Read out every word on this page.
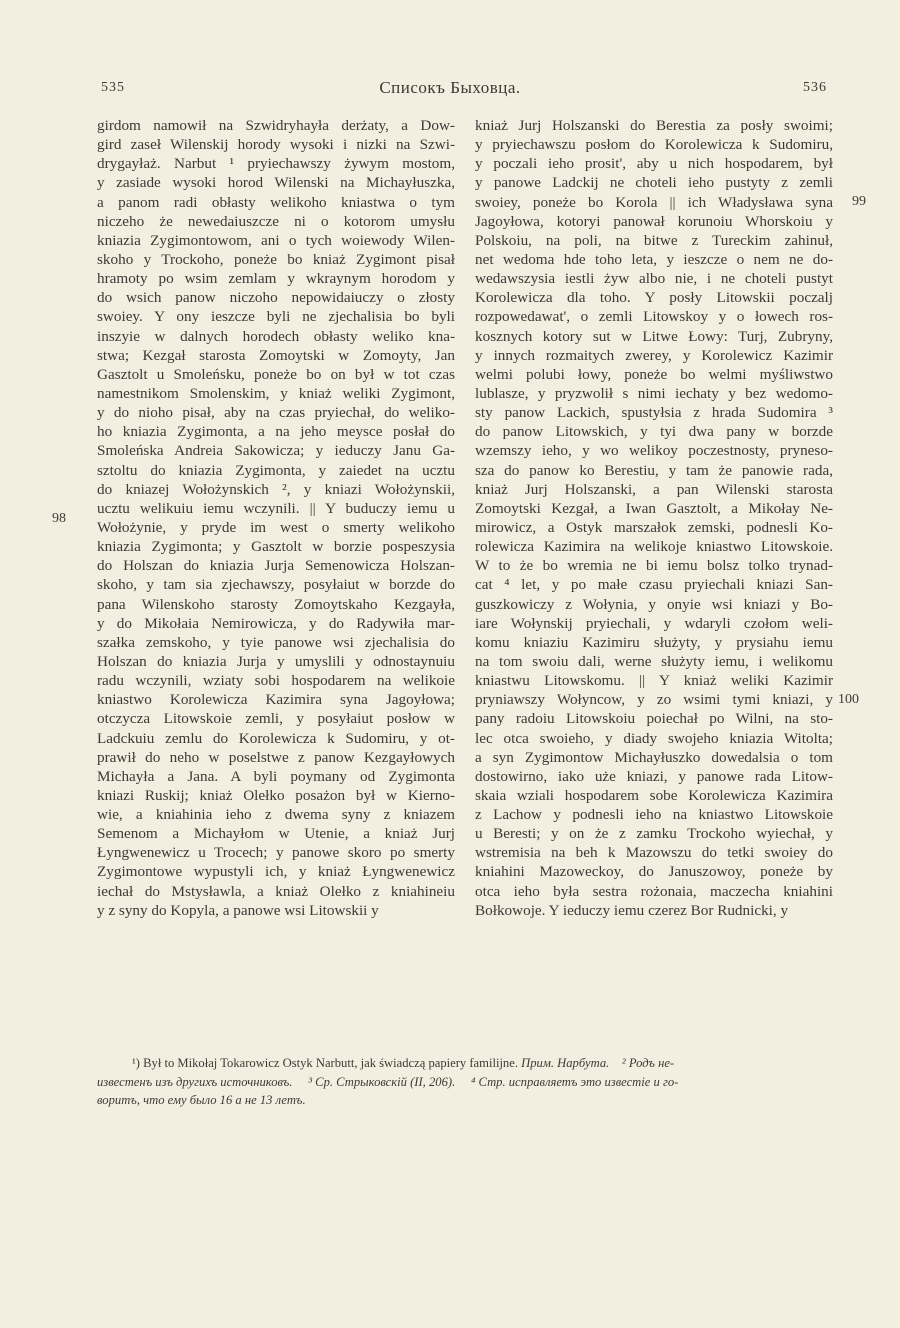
535	Списокъ Быховца.	536
98
99
100
girdom namowił na Szwidryhayła derżaty, a Dow-
gird zaseł Wilenskij horody wysoki i nizki na Szwi-
drygayłaż. Narbut ¹ pryiechawszy żywym mostom,
y zasiade wysoki horod Wilenski na Michayłuszka,
a panom radi obłasty welikoho kniastwa o tym
niczeho że newedaiuszcze ni o kotorom umysłu
kniazia Zygimontowom, ani o tych woiewody Wilen-
skoho y Trockoho, poneże bo kniaż Zygimont pisał
hramoty po wsim zemlam y wkraynym horodom y
do wsich panow niczoho nepowidaiuczy o złosty
swoiey. Y ony ieszcze byli ne zjechalisia bo byli
inszyie w dalnych horodech obłasty weliko kna-
stwa; Kezgał starosta Zomoytski w Zomoyty, Jan
Gasztolt u Smoleńsku, poneże bo on był w tot czas
namestnikom Smolenskim, y kniaż weliki Zygimont,
y do nioho pisał, aby na czas pryiechał, do weliko-
ho kniazia Zygimonta, a na jeho meysce posłał do
Smoleńska Andreia Sakowicza; y ieduczy Janu Ga-
sztoltu do kniazia Zygimonta, y zaiedet na ucztu
do kniazej Wołożynskich ², y kniazi Wołożynskii,
ucztu welikuiu iemu wczynili. || Y buduczy iemu u
Wołożynie, y pryde im west o smerty welikoho
kniazia Zygimonta; y Gasztolt w borzie pospeszysia
do Holszan do kniazia Jurja Semenowicza Holszan-
skoho, y tam sia zjechawszy, posyłaiut w borzde do
pana Wilenskoho starosty Zomoytskaho Kezgayła,
y do Mikołaia Nemirowicza, y do Radywiła mar-
szałka zemskoho, y tyie panowe wsi zjechalisia do
Holszan do kniazia Jurja y umyslili y odnostaynuiu
radu wczynili, wziaty sobi hospodarem na welikoie
kniastwo Korolewicza Kazimira syna Jagoyłowa;
otczycza Litowskoie zemli, y posyłaiut posłow w
Ladckuiu zemlu do Korolewicza k Sudomiru, y ot-
prawił do neho w poselstwe z panow Kezgayłowych
Michayła a Jana. A byli poymany od Zygimonta
kniazi Ruskij; kniaż Olełko posażon był w Kierno-
wie, a kniahinia ieho z dwema syny z kniazem
Semenom a Michayłom w Utenie, a kniaż Jurj
Łyngwenewicz u Trocech; y panowe skoro po smerty
Zygimontowe wypustyli ich, y kniaż Łyngwenewicz
iechał do Mstysławla, a kniaż Olełko z kniahineiu
y z syny do Kopyla, a panowe wsi Litowskii y
kniaż Jurj Holszanski do Berestia za posły swoimi;
y pryiechawszu posłom do Korolewicza k Sudomiru,
y poczali ieho prosit', aby u nich hospodarem, był
y panowe Ladckij ne choteli ieho pustyty z zemli
swoiey, poneże bo Korola || ich Władysława syna
Jagoyłowa, kotoryi panował korunoiu Whorskoiu y
Polskoiu, na poli, na bitwe z Tureckim zahinuł,
net wedoma hde toho leta, y ieszcze o nem ne do-
wedawszysia iestli żyw albo nie, i ne choteli pustyt
Korolewicza dla toho. Y posły Litowskii poczalj
rozpowedawat', o zemli Litowskoy y o łowech ros-
kosznych kotory sut w Litwe Łowy: Turj, Zubryny,
y innych rozmaitych zwerey, y Korolewicz Kazimir
welmi polubi łowy, poneże bo welmi myśliwstwo
lublasze, y pryzwolił s nimi iechaty y bez wedomo-
sty panow Lackich, spustyłsia z hrada Sudomira ³
do panow Litowskich, y tyi dwa pany w borzde
wzemszy ieho, y wo welikoy poczestnosty, pryneso-
sza do panow ko Berestiu, y tam że panowie rada,
kniaż Jurj Holszanski, a pan Wilenski starosta
Zomoytski Kezgał, a Iwan Gasztolt, a Mikołay Ne-
mirowicz, a Ostyk marszałok zemski, podnesli Ko-
rolewicza Kazimira na welikoje kniastwo Litowskoie.
W to że bo wremia ne bi iemu bolsz tolko trynad-
cat ⁴ let, y po małe czasu pryiechali kniazi San-
guszkowiczy z Wołynia, y onyie wsi kniazi y Bo-
iare Wołynskij pryiechali, y wdaryli czołom weli-
komu kniaziu Kazimiru służyty, y prysiahu iemu
na tom swoiu dali, werne służyty iemu, i welikomu
kniastwu Litowskomu. || Y kniaż weliki Kazimir
pryniawszy Wołyncow, y zo wsimi tymi kniazi, y
pany radoiu Litowskoiu poiechał po Wilni, na sto-
lec otca swoieho, y diady swojeho kniazia Witolta;
a syn Zygimontow Michayłuszko dowedalsia o tom
dostowirno, iako uże kniazi, y panowe rada Litow-
skaia wziali hospodarem sobe Korolewicza Kazimira
z Lachow y podnesli ieho na kniastwo Litowskoie
u Beresti; y on że z zamku Trockoho wyiechał, y
wstremisia na beh k Mazowszu do tetki swoiey do
kniahini Mazoweckoy, do Januszowoy, poneże by
otca ieho była sestra rożonaia, maczecha kniahini
Bołkowoje. Y ieduczy iemu czerez Bor Rudnicki, y
¹) Był to Mikołaj Tokarowicz Ostyk Narbutt, jak świadczą papiery familijne. Прим. Нарбута. ² Родъ не-
известенъ изъ другихъ источниковъ. ³ Ср. Стрыковскій (II, 206). ⁴ Стр. исправляетъ это известіе и го-
воритъ, что ему было 16 а не 13 летъ.
